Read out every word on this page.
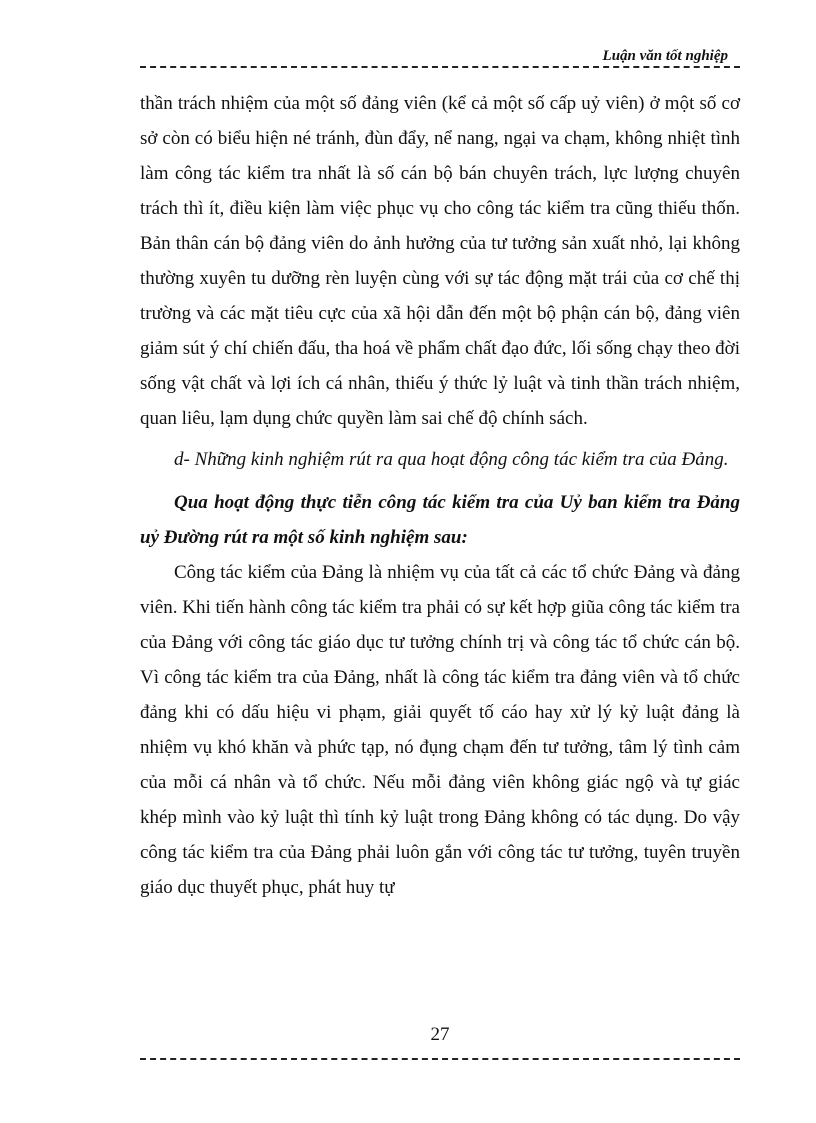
Luận văn tốt nghiệp

thần trách nhiệm của một số đảng viên (kể cả một số cấp uỷ viên) ở một số cơ sở còn có biểu hiện né tránh, đùn đẩy, nể nang, ngại va chạm, không nhiệt tình làm công tác kiểm tra nhất là số cán bộ bán chuyên trách, lực lượng chuyên trách thì ít, điều kiện làm việc phục vụ cho công tác kiểm tra cũng thiếu thốn. Bản thân cán bộ đảng viên do ảnh hưởng của tư tưởng sản xuất nhỏ, lại không thường xuyên tu dưỡng rèn luyện cùng với sự tác động mặt trái của cơ chế thị trường và các mặt tiêu cực của xã hội dẫn đến một bộ phận cán bộ, đảng viên giảm sút ý chí chiến đấu, tha hoá về phẩm chất đạo đức, lối sống chạy theo đời sống vật chất và lợi ích cá nhân, thiếu ý thức lỷ luật và tinh thần trách nhiệm, quan liêu, lạm dụng chức quyền làm sai chế độ chính sách.

d- Những kinh nghiệm rút ra qua hoạt động công tác kiểm tra của Đảng.

Qua hoạt động thực tiễn công tác kiểm tra của Uỷ ban kiểm tra Đảng uỷ Đường rút ra một số kinh nghiệm sau:

Công tác kiểm của Đảng là nhiệm vụ của tất cả các tổ chức Đảng và đảng viên. Khi tiến hành công tác kiểm tra phải có sự kết hợp giũa công tác kiểm tra của Đảng với công tác giáo dục tư tưởng chính trị và công tác tổ chức cán bộ. Vì công tác kiểm tra của Đảng, nhất là công tác kiểm tra đảng viên và tổ chức đảng khi có dấu hiệu vi phạm, giải quyết tố cáo hay xử lý kỷ luật đảng là nhiệm vụ khó khăn và phức tạp, nó đụng chạm đến tư tưởng, tâm lý tình cảm của mỗi cá nhân và tổ chức. Nếu mỗi đảng viên không giác ngộ và tự giác khép mình vào kỷ luật thì tính kỷ luật trong Đảng không có tác dụng. Do vậy công tác kiểm tra của Đảng phải luôn gắn với công tác tư tưởng, tuyên truyền giáo dục thuyết phục, phát huy tự

27
